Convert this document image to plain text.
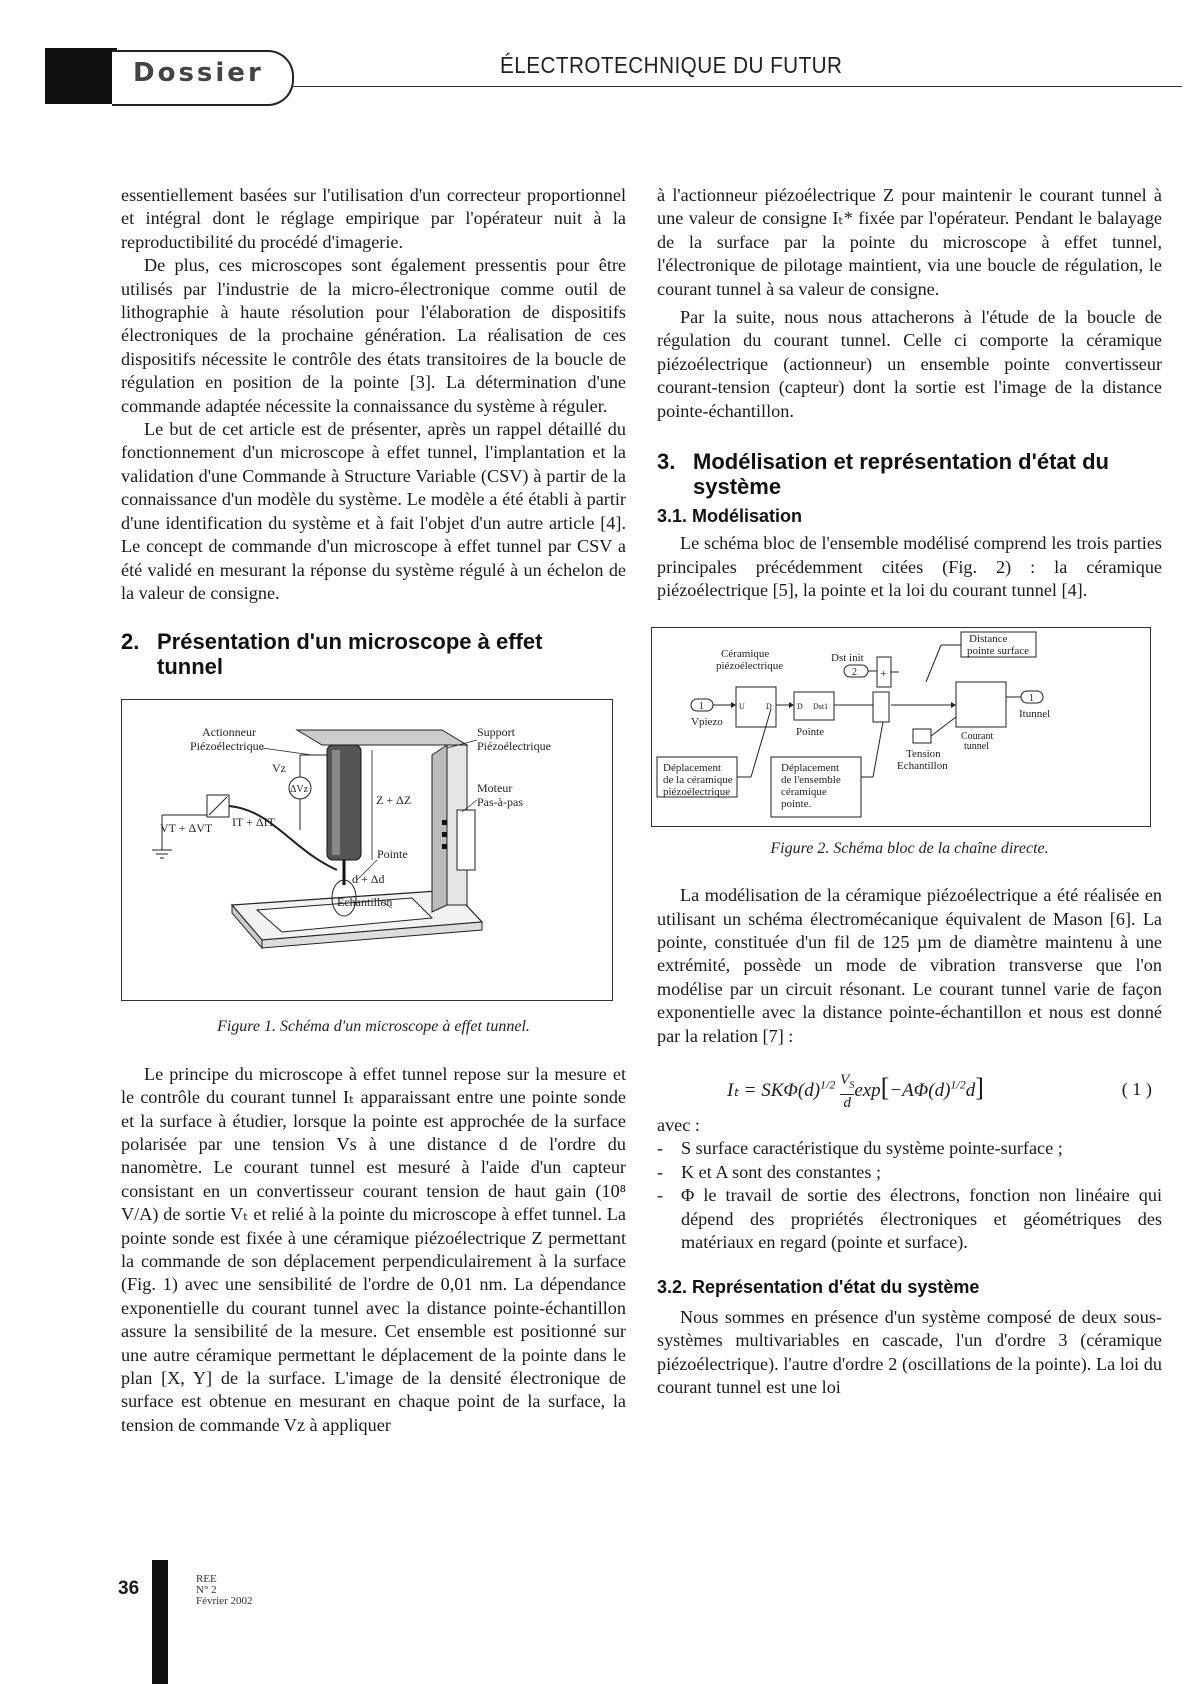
Dossier	ÉLECTROTECHNIQUE DU FUTUR

essentiellement basées sur l'utilisation d'un correcteur proportionnel et intégral dont le réglage empirique par l'opérateur nuit à la reproductibilité du procédé d'imagerie.

De plus, ces microscopes sont également pressentis pour être utilisés par l'industrie de la micro-électronique comme outil de lithographie à haute résolution pour l'élaboration de dispositifs électroniques de la prochaine génération. La réalisation de ces dispositifs nécessite le contrôle des états transitoires de la boucle de régulation en position de la pointe [3]. La détermination d'une commande adaptée nécessite la connaissance du système à réguler.

Le but de cet article est de présenter, après un rappel détaillé du fonctionnement d'un microscope à effet tunnel, l'implantation et la validation d'une Commande à Structure Variable (CSV) à partir de la connaissance d'un modèle du système. Le modèle a été établi à partir d'une identification du système et à fait l'objet d'un autre article [4]. Le concept de commande d'un microscope à effet tunnel par CSV a été validé en mesurant la réponse du système régulé à un échelon de la valeur de consigne.

2. Présentation d'un microscope à effet tunnel
Actionneur
Piézoélectrique
Support
Piézoélectrique
Moteur
Pas-à-pas
Vz
ΔVz
Z + ΔZ
VT + ΔVT IT + ΔIT
Pointe
d + Δd
Echantillon
Figure 1. Schéma d'un microscope à effet tunnel.

Le principe du microscope à effet tunnel repose sur la mesure et le contrôle du courant tunnel Iₜ apparaissant entre une pointe sonde et la surface à étudier, lorsque la pointe est approchée de la surface polarisée par une tension Vs à une distance d de l'ordre du nanomètre. Le courant tunnel est mesuré à l'aide d'un capteur consistant en un convertisseur courant tension de haut gain (10⁸ V/A) de sortie Vₜ et relié à la pointe du microscope à effet tunnel. La pointe sonde est fixée à une céramique piézoélectrique Z permettant la commande de son déplacement perpendiculairement à la surface (Fig. 1) avec une sensibilité de l'ordre de 0,01 nm. La dépendance exponentielle du courant tunnel avec la distance pointe-échantillon assure la sensibilité de la mesure. Cet ensemble est positionné sur une autre céramique permettant le déplacement de la pointe dans le plan [X, Y] de la surface. L'image de la densité électronique de surface est obtenue en mesurant en chaque point de la surface, la tension de commande Vz à appliquer

à l'actionneur piézoélectrique Z pour maintenir le courant tunnel à une valeur de consigne Iₜ* fixée par l'opérateur. Pendant le balayage de la surface par la pointe du microscope à effet tunnel, l'électronique de pilotage maintient, via une boucle de régulation, le courant tunnel à sa valeur de consigne.

Par la suite, nous nous attacherons à l'étude de la boucle de régulation du courant tunnel. Celle ci comporte la céramique piézoélectrique (actionneur) un ensemble pointe convertisseur courant-tension (capteur) dont la sortie est l'image de la distance pointe-échantillon.

3. Modélisation et représentation d'état du système
3.1. Modélisation

Le schéma bloc de l'ensemble modélisé comprend les trois parties principales précédemment citées (Fig. 2) : la céramique piézoélectrique [5], la pointe et la loi du courant tunnel [4].

+
Céramique
piézoélectrique
Dst init
2
1
Vpiezo
U	D	D Dst1
Pointe
Distance
pointe surface
1
Itunnel
Courant
tunnel
Tension
Echantillon
Déplacement
de la céramique
piézoélectrique
Déplacement
de l'ensemble
céramique
pointe.
Figure 2. Schéma bloc de la chaîne directe.

La modélisation de la céramique piézoélectrique a été réalisée en utilisant un schéma électromécanique équivalent de Mason [6]. La pointe, constituée d'un fil de 125 µm de diamètre maintenu à une extrémité, possède un mode de vibration transverse que l'on modélise par un circuit résonant. Le courant tunnel varie de façon exponentielle avec la distance pointe-échantillon et nous est donné par la relation [7] :

$I_t = SK\Phi(d)^{1/2} \frac{V_S}{d} \exp[-A\Phi(d)^{1/2}d]$	( 1 )

avec :

- S surface caractéristique du système pointe-surface ;
- K et A sont des constantes ;
- Φ le travail de sortie des électrons, fonction non linéaire qui dépend des propriétés électroniques et géométriques des matériaux en regard (pointe et surface).
3.2. Représentation d'état du système

Nous sommes en présence d'un système composé de deux sous-systèmes multivariables en cascade, l'un d'ordre 3 (céramique piézoélectrique). l'autre d'ordre 2 (oscillations de la pointe). La loi du courant tunnel est une loi

36	REE
N° 2
Février 2002
